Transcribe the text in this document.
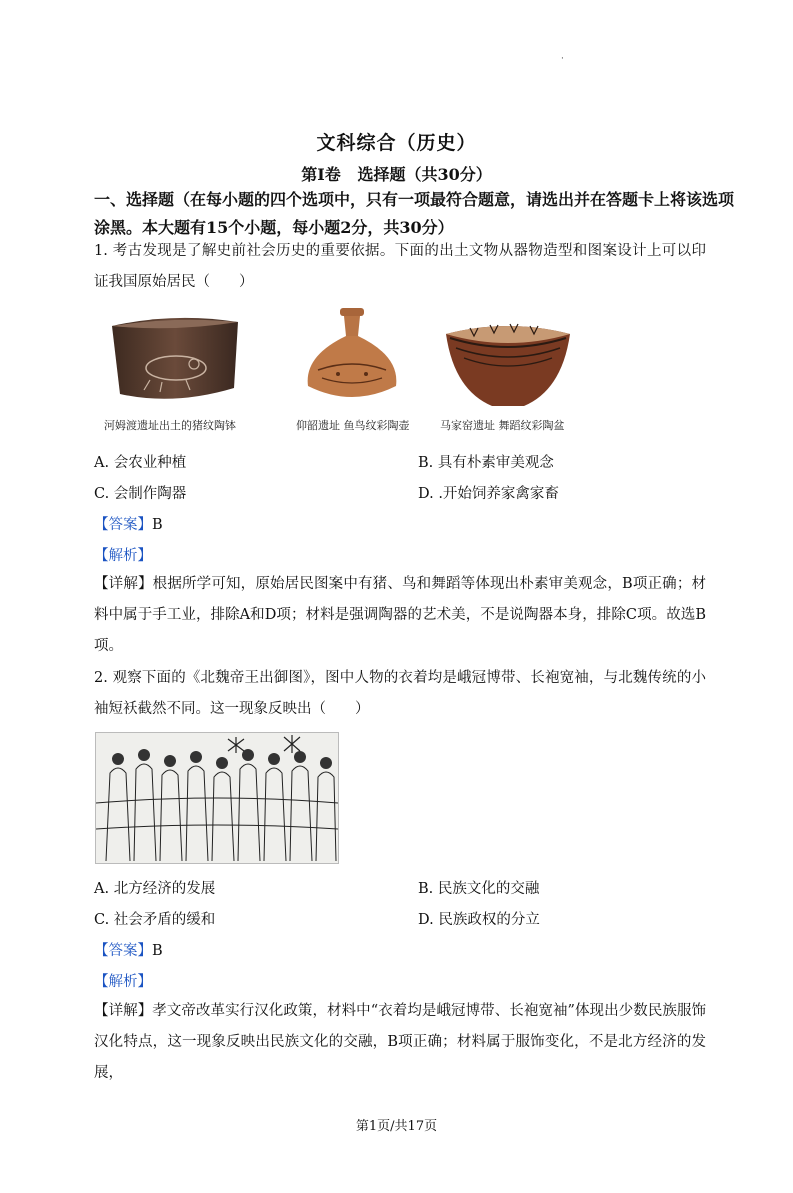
·
文科综合（历史）
第Ⅰ卷   选择题（共30分）
一、选择题（在每小题的四个选项中，只有一项最符合题意，请选出并在答题卡上将该选项涂黑。本大题有15个小题，每小题2分，共30分）
1. 考古发现是了解史前社会历史的重要依据。下面的出土文物从器物造型和图案设计上可以印证我国原始居民（　　）
河姆渡遗址出土的猪纹陶钵	仰韶遗址 鱼鸟纹彩陶壶	马家窑遗址 舞蹈纹彩陶盆
A. 会农业种植	B. 具有朴素审美观念
C. 会制作陶器	D. .开始饲养家禽家畜
【答案】B
【解析】
【详解】根据所学可知，原始居民图案中有猪、鸟和舞蹈等体现出朴素审美观念，B项正确；材料中属于手工业，排除A和D项；材料是强调陶器的艺术美，不是说陶器本身，排除C项。故选B项。
2. 观察下面的《北魏帝王出御图》，图中人物的衣着均是峨冠博带、长袍宽袖，与北魏传统的小袖短袄截然不同。这一现象反映出（　　）
A. 北方经济的发展	B. 民族文化的交融
C. 社会矛盾的缓和	D. 民族政权的分立
【答案】B
【解析】
【详解】孝文帝改革实行汉化政策，材料中“衣着均是峨冠博带、长袍宽袖”体现出少数民族服饰汉化特点，这一现象反映出民族文化的交融，B项正确；材料属于服饰变化，不是北方经济的发展，
第1页/共17页
